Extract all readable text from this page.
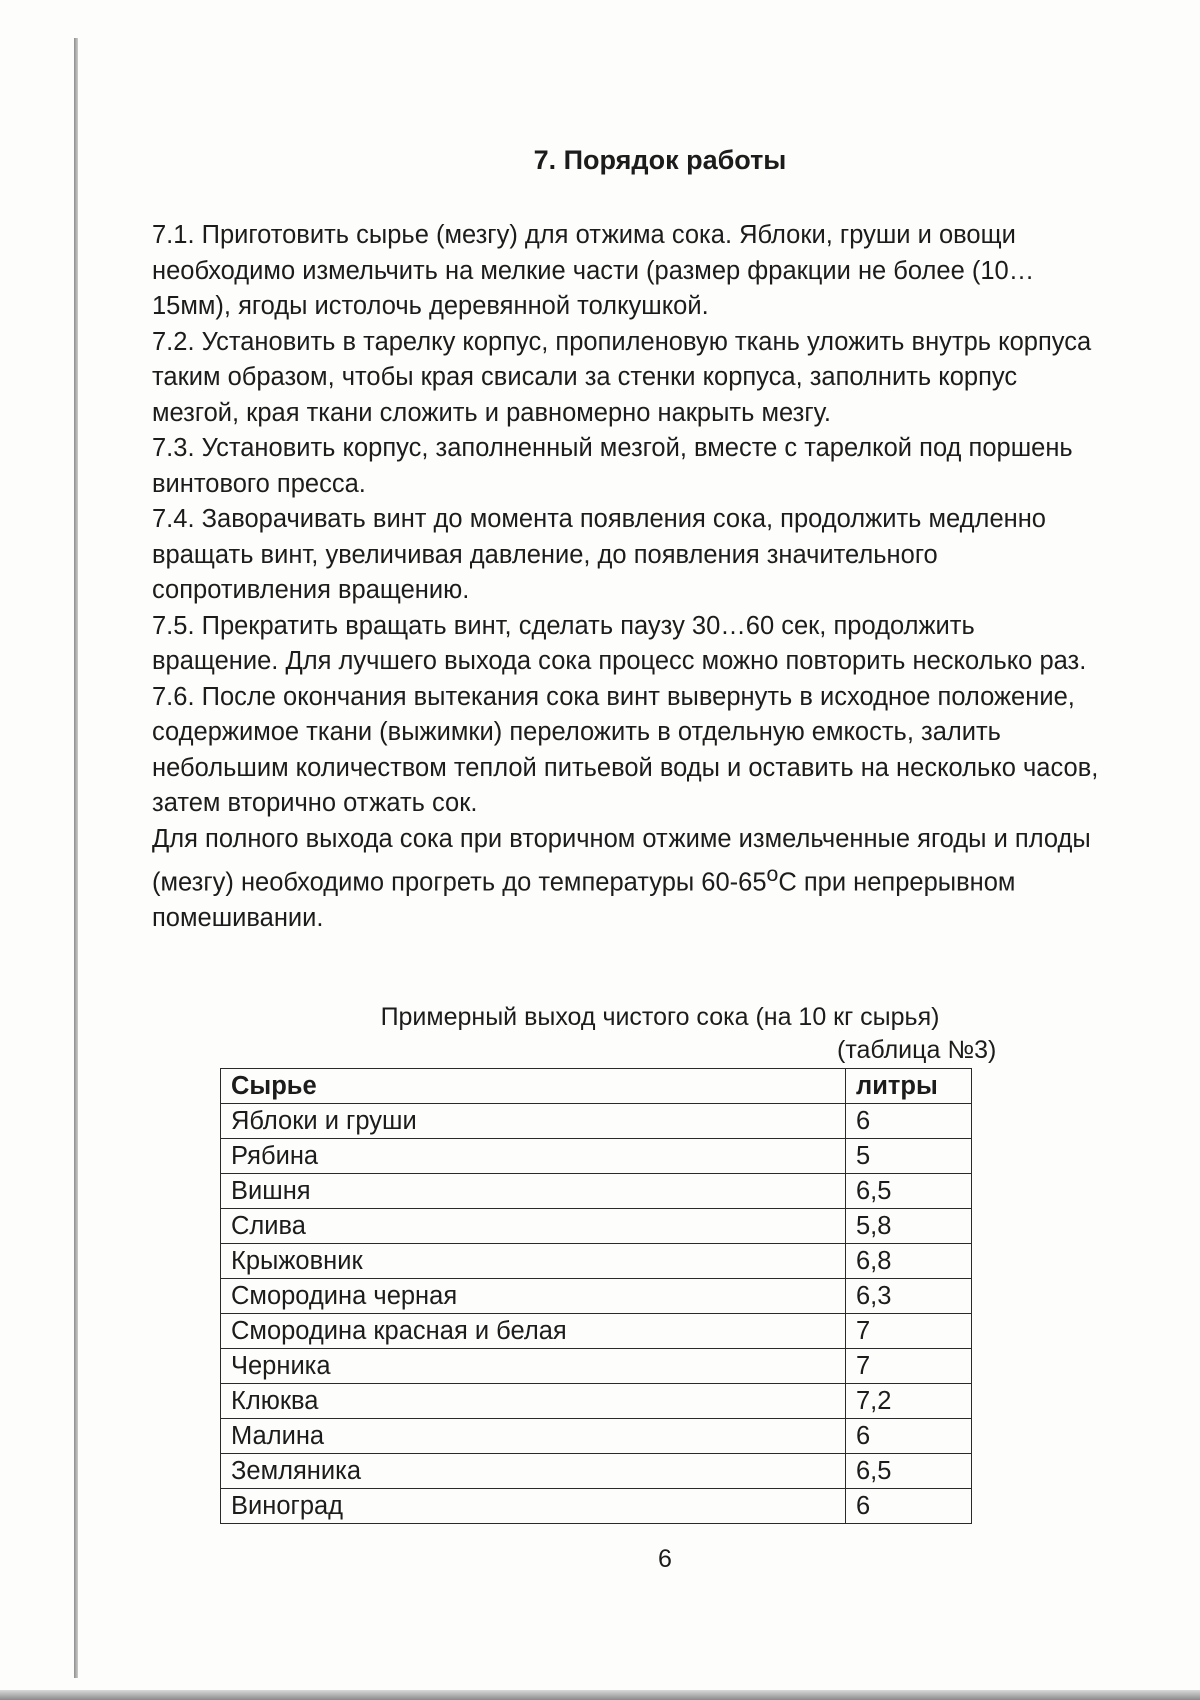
7. Порядок работы

7.1. Приготовить сырье (мезгу) для отжима сока. Яблоки, груши и овощи необходимо измельчить на мелкие части (размер фракции не более (10…15мм), ягоды истолочь деревянной толкушкой.

7.2. Установить в тарелку корпус, пропиленовую ткань уложить внутрь корпуса таким образом, чтобы края свисали за стенки корпуса, заполнить корпус мезгой, края ткани сложить и равномерно накрыть мезгу.

7.3. Установить корпус, заполненный мезгой, вместе с тарелкой под поршень винтового пресса.

7.4. Заворачивать винт до момента появления сока, продолжить медленно вращать винт, увеличивая давление, до появления значительного сопротивления вращению.

7.5. Прекратить вращать винт, сделать паузу 30…60 сек, продолжить вращение. Для лучшего выхода сока процесс можно повторить несколько раз.

7.6. После окончания вытекания сока винт вывернуть в исходное положение, содержимое ткани (выжимки) переложить в отдельную емкость, залить небольшим количеством теплой питьевой воды и оставить на несколько часов, затем вторично отжать сок.

Для полного выхода сока при вторичном отжиме измельченные ягоды и плоды (мезгу) необходимо прогреть до температуры 60-65$^o$С при непрерывном помешивании.

Примерный выход чистого сока (на 10 кг сырья)
(таблица №3)
Сырье	литры
Яблоки и груши	6
Рябина	5
Вишня	6,5
Слива	5,8
Крыжовник	6,8
Смородина черная	6,3
Смородина красная и белая	7
Черника	7
Клюква	7,2
Малина	6
Земляника	6,5
Виноград	6
6
